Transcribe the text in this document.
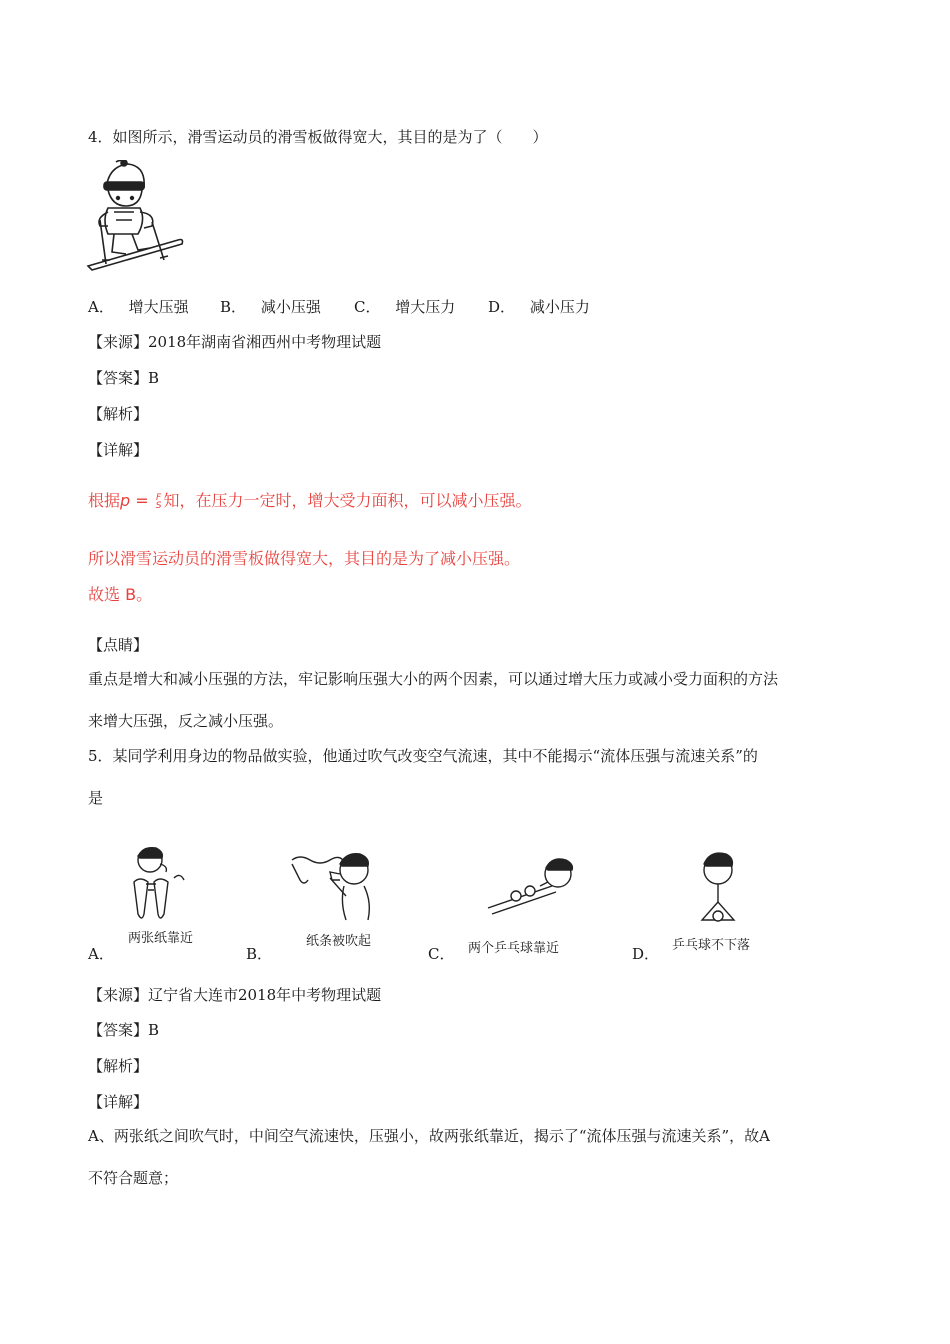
4．如图所示，滑雪运动员的滑雪板做得宽大，其目的是为了（　　）
A． 增大压强 B． 减小压强 C． 增大压力 D． 减小压力
【来源】2018年湖南省湘西州中考物理试题
【答案】B
【解析】
【详解】
根据p = F
S 知，在压力一定时，增大受力面积，可以减小压强。
所以滑雪运动员的滑雪板做得宽大，其目的是为了减小压强。
故选 B。
【点睛】
重点是增大和减小压强的方法，牢记影响压强大小的两个因素，可以通过增大压力或减小受力面积的方法
来增大压强，反之减小压强。
5．某同学利用身边的物品做实验，他通过吹气改变空气流速，其中不能揭示“流体压强与流速关系”的
是
两张纸靠近
A．
纸条被吹起
B．	两个乒乓球靠近
C．	乒乓球不下落
D．
【来源】辽宁省大连市2018年中考物理试题
【答案】B
【解析】
【详解】
A、两张纸之间吹气时，中间空气流速快，压强小，故两张纸靠近，揭示了“流体压强与流速关系”，故A
不符合题意；
